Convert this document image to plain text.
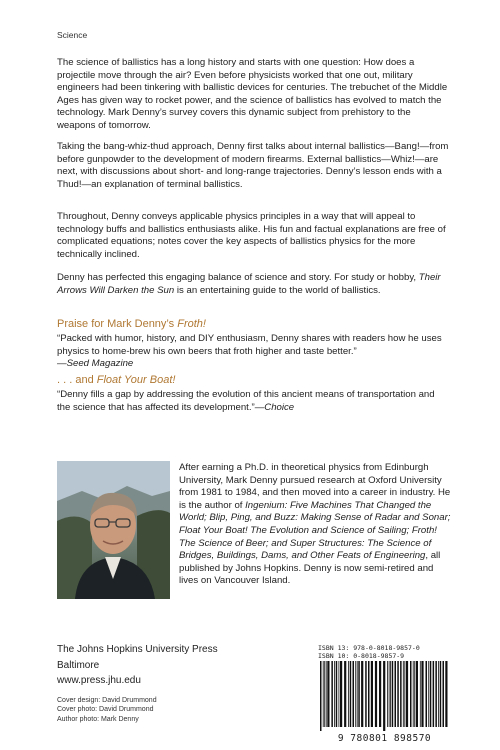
Science

The science of ballistics has a long history and starts with one question: How does a projectile move through the air? Even before physicists worked that one out, military engineers had been tinkering with ballistic devices for centuries. The trebuchet of the Middle Ages has given way to rocket power, and the science of ballistics has evolved to match the technology. Mark Denny’s survey covers this dynamic subject from prehistory to the weapons of tomorrow.

Taking the bang-whiz-thud approach, Denny first talks about internal ballistics—Bang!—from before gunpowder to the development of modern firearms. External ballistics—Whiz!—are next, with discussions about short- and long-range trajectories. Denny’s lesson ends with a Thud!—an explanation of terminal ballistics.

Throughout, Denny conveys applicable physics principles in a way that will appeal to technology buffs and ballistics enthusiasts alike. His fun and factual explanations are free of complicated equations; notes cover the key aspects of ballistics physics for the more technically inclined.

Denny has perfected this engaging balance of science and story. For study or hobby, Their Arrows Will Darken the Sun is an entertaining guide to the world of ballistics.

Praise for Mark Denny’s Froth!

“Packed with humor, history, and DIY enthusiasm, Denny shares with readers how he uses physics to home-brew his own beers that froth higher and taste better.”
—Seed Magazine

. . . and Float Your Boat!

“Denny fills a gap by addressing the evolution of this ancient means of transportation and the science that has affected its development.”—Choice

After earning a Ph.D. in theoretical physics from Edinburgh University, Mark Denny pursued research at Oxford University from 1981 to 1984, and then moved into a career in industry. He is the author of Ingenium: Five Machines That Changed the World; Blip, Ping, and Buzz: Making Sense of Radar and Sonar; Float Your Boat! The Evolution and Science of Sailing; Froth! The Science of Beer; and Super Structures: The Science of Bridges, Buildings, Dams, and Other Feats of Engineering, all published by Johns Hopkins. Denny is now semi-retired and lives on Vancouver Island.

The Johns Hopkins University Press
Baltimore
www.press.jhu.edu
Cover design: David Drummond
Cover photo: David Drummond
Author photo: Mark Denny
ISBN 13: 978-0-8018-9857-0
ISBN 10: 0-8018-9857-9
9 780801 898570
